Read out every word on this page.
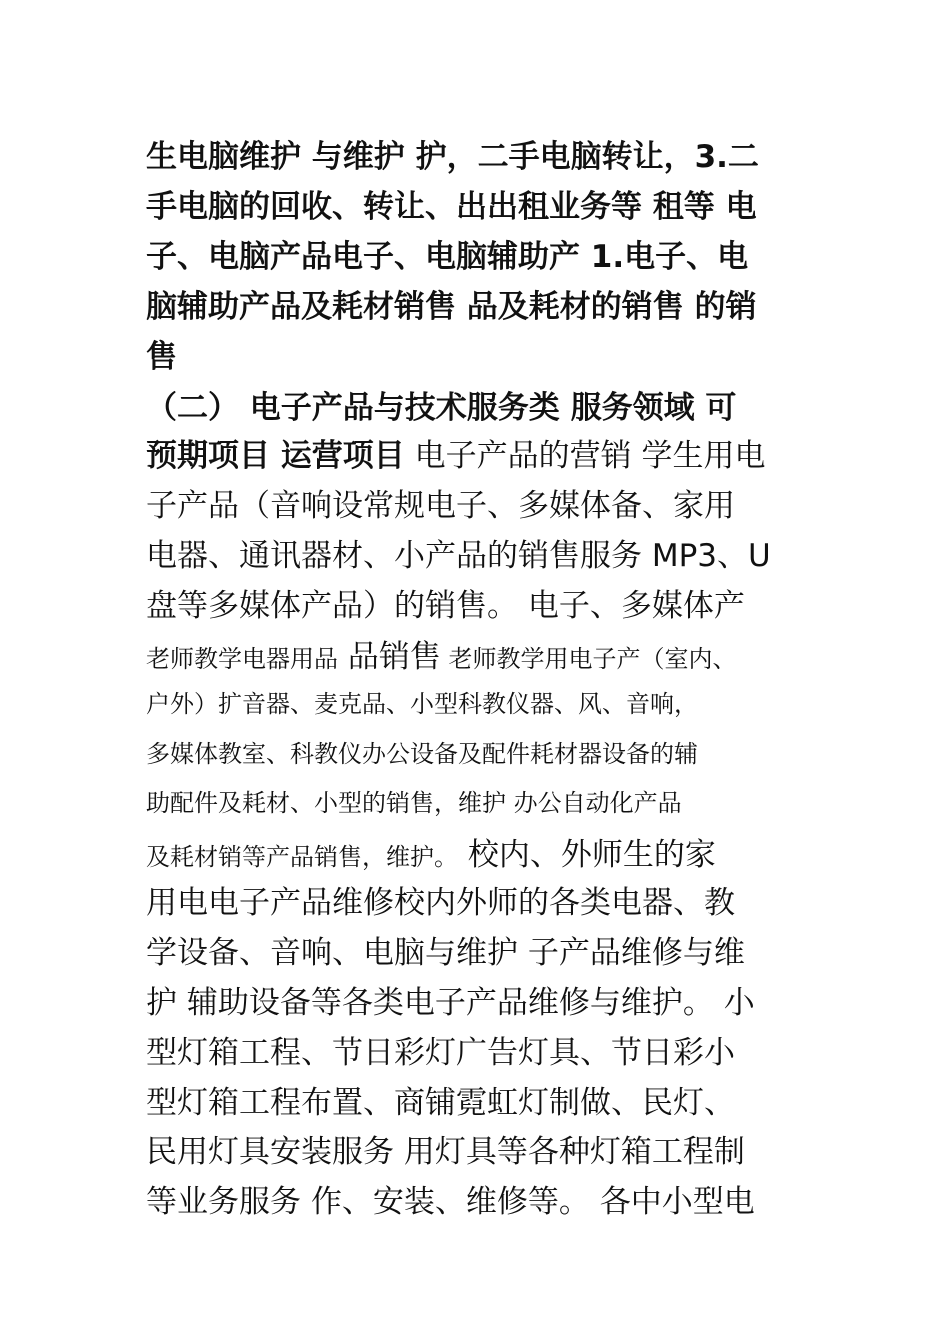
生电脑维护 与维护 护，二手电脑转让，3.二
手电脑的回收、转让、出出租业务等 租等 电
子、电脑产品电子、电脑辅助产 1.电子、电
脑辅助产品及耗材销售 品及耗材的销售 的销
售
（二） 电子产品与技术服务类 服务领域 可
预期项目 运营项目 电子产品的营销 学生用电
子产品（音响设常规电子、多媒体备、家用
电器、通讯器材、小产品的销售服务 MP3、U
盘等多媒体产品）的销售。 电子、多媒体产
老师教学电器用品 品销售 老师教学用电子产（室内、
户外）扩音器、麦克品、小型科教仪器、风、音响，
多媒体教室、科教仪办公设备及配件耗材器设备的辅
助配件及耗材、小型的销售，维护 办公自动化产品
及耗材销等产品销售，维护。 校内、外师生的家
用电电子产品维修校内外师的各类电器、教
学设备、音响、电脑与维护 子产品维修与维
护 辅助设备等各类电子产品维修与维护。 小
型灯箱工程、节日彩灯广告灯具、节日彩小
型灯箱工程布置、商铺霓虹灯制做、民灯、
民用灯具安装服务 用灯具等各种灯箱工程制
等业务服务 作、安装、维修等。 各中小型电
